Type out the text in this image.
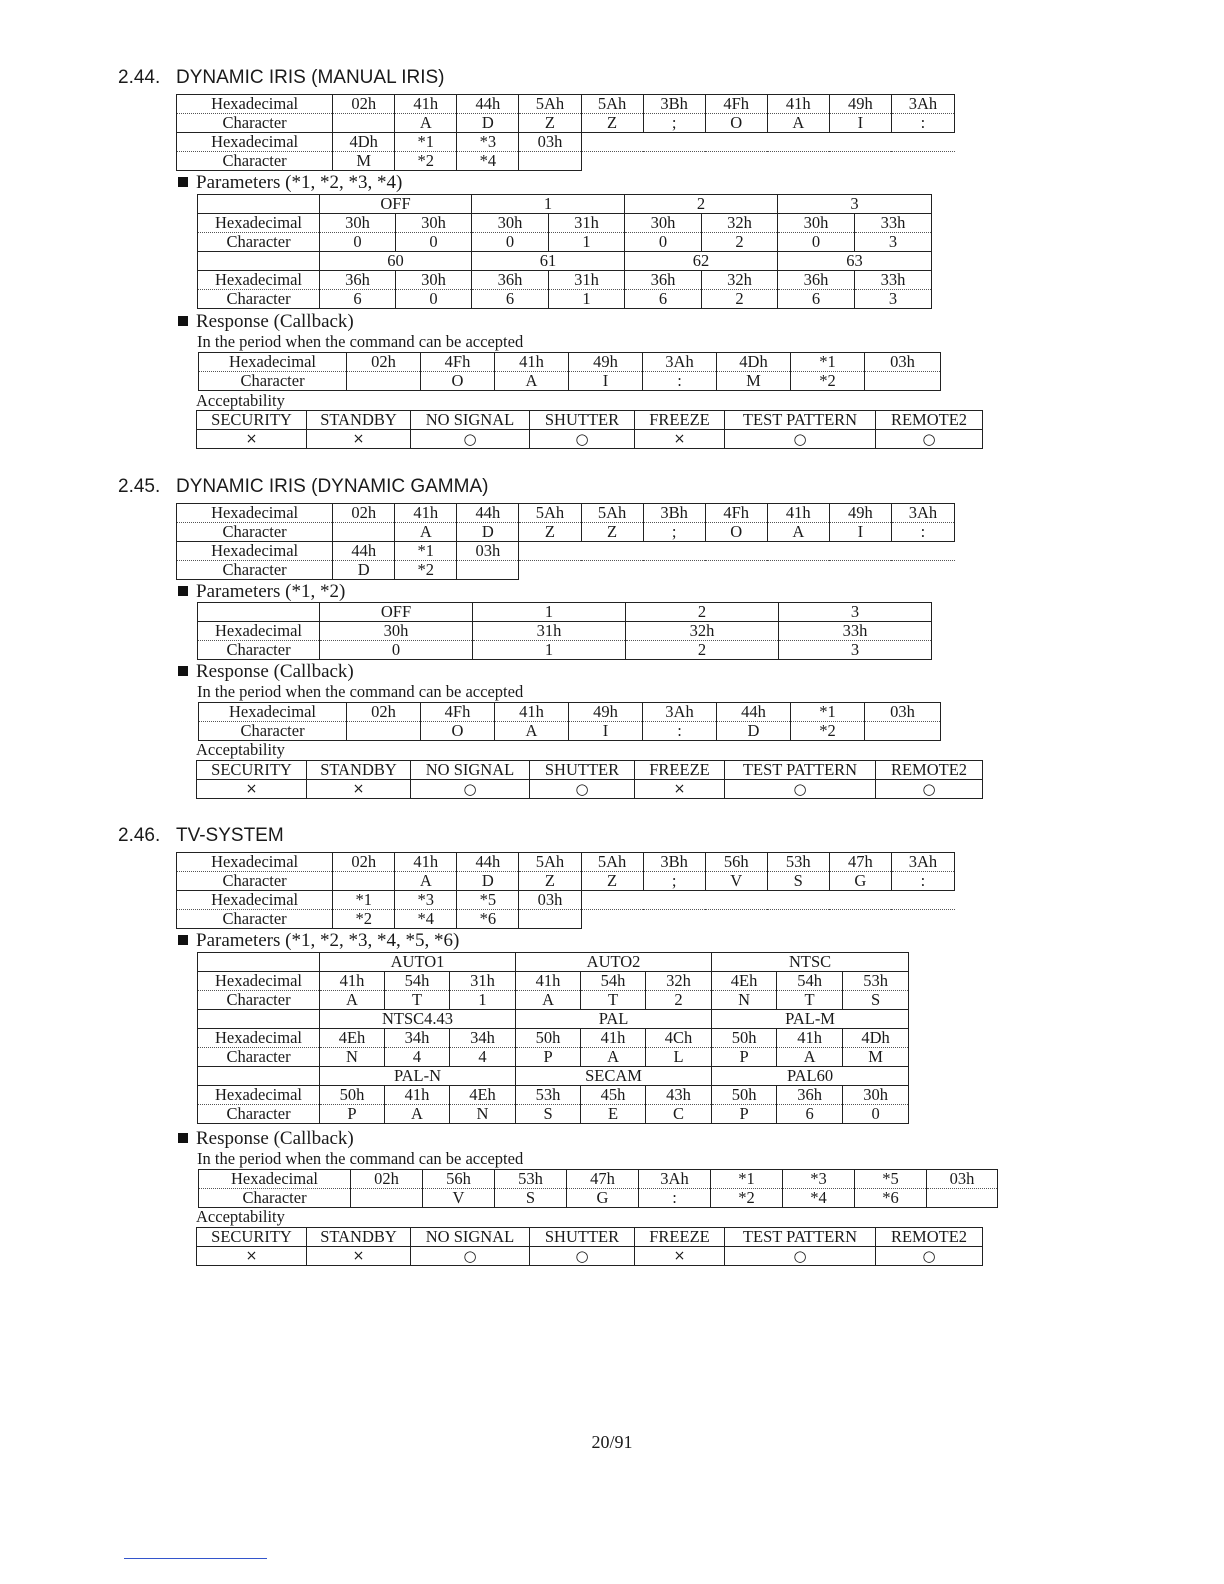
2.44. DYNAMIC IRIS (MANUAL IRIS)
Hexadecimal	02h	41h	44h	5Ah	5Ah	3Bh	4Fh	41h	49h	3Ah
Character		A	D	Z	Z	;	O	A	I	:
Hexadecimal	4Dh	*1	*3	03h						
Character	M	*2	*4							
Parameters (*1, *2, *3, *4)
	OFF		1		2		3	
Hexadecimal	30h	30h	30h	31h	30h	32h	30h	33h
Character	0	0	0	1	0	2	0	3
	60		61		62		63	
Hexadecimal	36h	30h	36h	31h	36h	32h	36h	33h
Character	6	0	6	1	6	2	6	3
Response (Callback)
In the period when the command can be accepted
Hexadecimal	02h	4Fh	41h	49h	3Ah	4Dh	*1	03h
Character		O	A	I	:	M	*2	
Acceptability
SECURITY	STANDBY	NO SIGNAL	SHUTTER	FREEZE	TEST PATTERN	REMOTE2
×	×	○	○	×	○	○
2.45. DYNAMIC IRIS (DYNAMIC GAMMA)
Hexadecimal	02h	41h	44h	5Ah	5Ah	3Bh	4Fh	41h	49h	3Ah
Character		A	D	Z	Z	;	O	A	I	:
Hexadecimal	44h	*1	03h							
Character	D	*2								
Parameters (*1, *2)
	OFF	1	2	3
Hexadecimal	30h	31h	32h	33h
Character	0	1	2	3
Response (Callback)
In the period when the command can be accepted
Hexadecimal	02h	4Fh	41h	49h	3Ah	44h	*1	03h
Character		O	A	I	:	D	*2	
Acceptability
SECURITY	STANDBY	NO SIGNAL	SHUTTER	FREEZE	TEST PATTERN	REMOTE2
×	×	○	○	×	○	○
2.46. TV-SYSTEM
Hexadecimal	02h	41h	44h	5Ah	5Ah	3Bh	56h	53h	47h	3Ah
Character		A	D	Z	Z	;	V	S	G	:
Hexadecimal	*1	*3	*5	03h						
Character	*2	*4	*6							
Parameters (*1, *2, *3, *4, *5, *6)
	AUTO1			AUTO2			NTSC		
Hexadecimal	41h	54h	31h	41h	54h	32h	4Eh	54h	53h
Character	A	T	1	A	T	2	N	T	S
	NTSC4.43			PAL			PAL-M		
Hexadecimal	4Eh	34h	34h	50h	41h	4Ch	50h	41h	4Dh
Character	N	4	4	P	A	L	P	A	M
	PAL-N			SECAM			PAL60		
Hexadecimal	50h	41h	4Eh	53h	45h	43h	50h	36h	30h
Character	P	A	N	S	E	C	P	6	0
Response (Callback)
In the period when the command can be accepted
Hexadecimal	02h	56h	53h	47h	3Ah	*1	*3	*5	03h
Character		V	S	G	:	*2	*4	*6	
Acceptability
SECURITY	STANDBY	NO SIGNAL	SHUTTER	FREEZE	TEST PATTERN	REMOTE2
×	×	○	○	×	○	○
20/91
